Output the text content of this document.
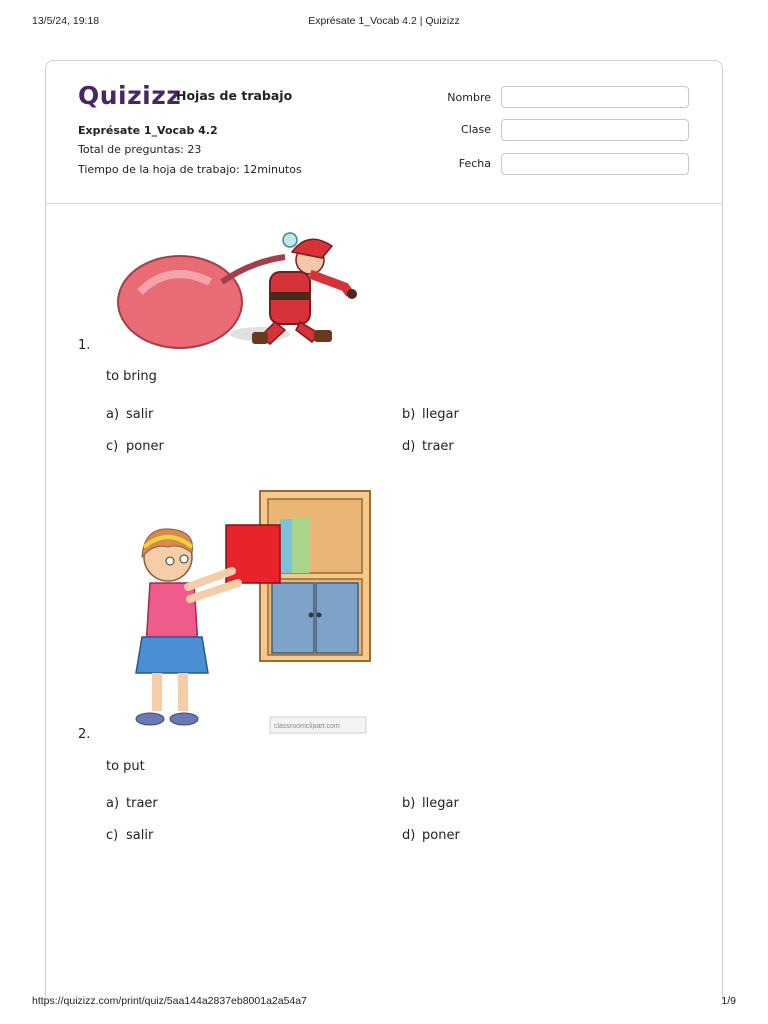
13/5/24, 19:18	Exprésate 1_Vocab 4.2 | Quizizz
Quizizz
Hojas de trabajo
Exprésate 1_Vocab 4.2
Total de preguntas: 23
Tiempo de la hoja de trabajo: 12minutos
Nombre
Clase
Fecha
1.
to bring
a) salir	b) llegar
c) poner	d) traer
classroomclipart.com
2.
to put
a) traer	b) llegar
c) salir	d) poner
https://quizizz.com/print/quiz/5aa144a2837eb8001a2a54a7	1/9
